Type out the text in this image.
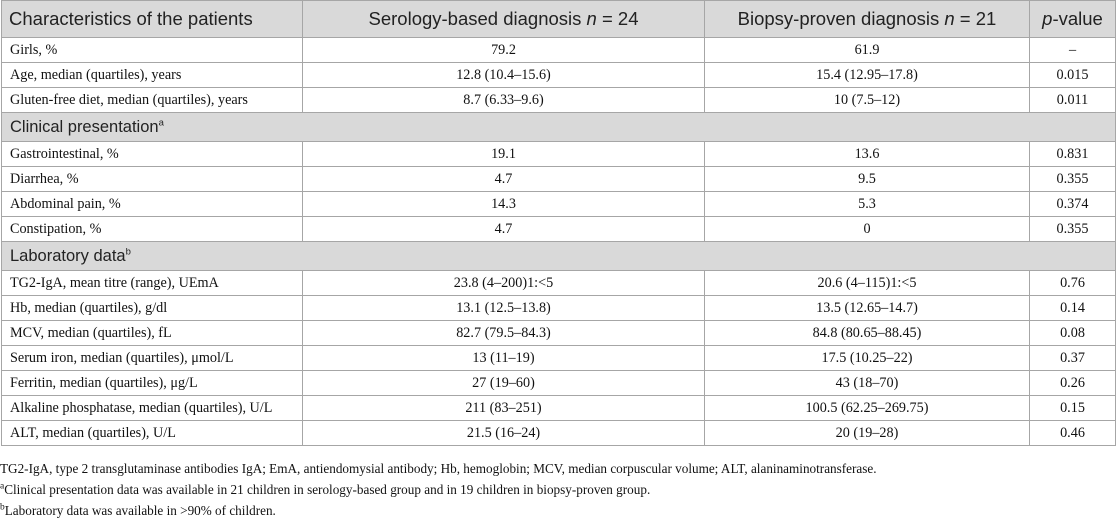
Characteristics of the patients	Serology-based diagnosis n = 24	Biopsy-proven diagnosis n = 21	p-value
Girls, %	79.2	61.9	–
Age, median (quartiles), years	12.8 (10.4–15.6)	15.4 (12.95–17.8)	0.015
Gluten-free diet, median (quartiles), years	8.7 (6.33–9.6)	10 (7.5–12)	0.011
Clinical presentation$^a$
Gastrointestinal, %	19.1	13.6	0.831
Diarrhea, %	4.7	9.5	0.355
Abdominal pain, %	14.3	5.3	0.374
Constipation, %	4.7	0	0.355
Laboratory data$^b$
TG2-IgA, mean titre (range), UEmA	23.8 (4–200)1:<5	20.6 (4–115)1:<5	0.76
Hb, median (quartiles), g/dl	13.1 (12.5–13.8)	13.5 (12.65–14.7)	0.14
MCV, median (quartiles), fL	82.7 (79.5–84.3)	84.8 (80.65–88.45)	0.08
Serum iron, median (quartiles), μmol/L	13 (11–19)	17.5 (10.25–22)	0.37
Ferritin, median (quartiles), μg/L	27 (19–60)	43 (18–70)	0.26
Alkaline phosphatase, median (quartiles), U/L	211 (83–251)	100.5 (62.25–269.75)	0.15
ALT, median (quartiles), U/L	21.5 (16–24)	20 (19–28)	0.46

TG2-IgA, type 2 transglutaminase antibodies IgA; EmA, antiendomysial antibody; Hb, hemoglobin; MCV, median corpuscular volume; ALT, alaninaminotransferase.

$^a$Clinical presentation data was available in 21 children in serology-based group and in 19 children in biopsy-proven group.

$^b$Laboratory data was available in >90% of children.
